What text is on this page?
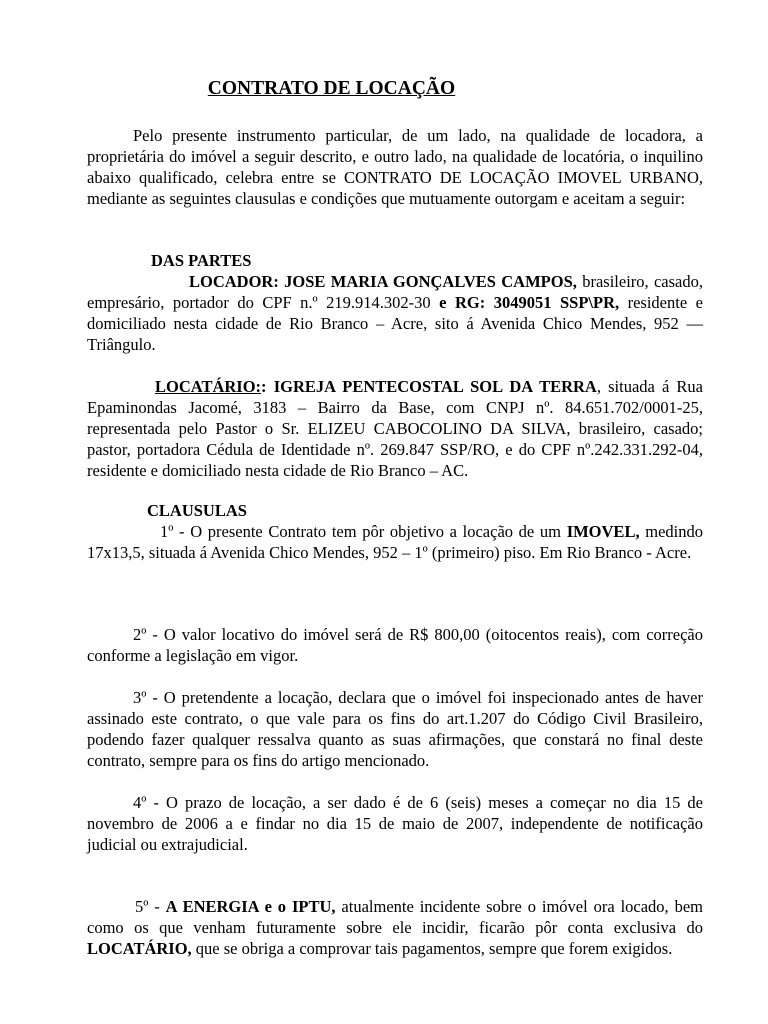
CONTRATO DE LOCAÇÃO

Pelo presente instrumento particular, de um lado, na qualidade de locadora, a proprietária do imóvel a seguir descrito, e outro lado, na qualidade de locatória, o inquilino abaixo qualificado, celebra entre se CONTRATO DE LOCAÇÃO IMOVEL URBANO, mediante as seguintes clausulas e condições que mutuamente outorgam e aceitam a seguir:

DAS PARTES

LOCADOR: JOSE MARIA GONÇALVES CAMPOS, brasileiro, casado, empresário, portador do CPF n.º 219.914.302-30 e RG: 3049051 SSP\PR, residente e domiciliado nesta cidade de Rio Branco – Acre, sito á Avenida Chico Mendes, 952 — Triângulo.

LOCATÁRIO:: IGREJA PENTECOSTAL SOL DA TERRA, situada á Rua Epaminondas Jacomé, 3183 – Bairro da Base, com CNPJ nº. 84.651.702/0001-25, representada pelo Pastor o Sr. ELIZEU CABOCOLINO DA SILVA, brasileiro, casado; pastor, portadora Cédula de Identidade nº. 269.847 SSP/RO, e do CPF nº.242.331.292-04, residente e domiciliado nesta cidade de Rio Branco – AC.

CLAUSULAS

1º - O presente Contrato tem pôr objetivo a locação de um IMOVEL, medindo 17x13,5, situada á Avenida Chico Mendes, 952 – 1º (primeiro) piso. Em Rio Branco - Acre.

2º - O valor locativo do imóvel será de R$ 800,00 (oitocentos reais), com correção conforme a legislação em vigor.

3º - O pretendente a locação, declara que o imóvel foi inspecionado antes de haver assinado este contrato, o que vale para os fins do art.1.207 do Código Civil Brasileiro, podendo fazer qualquer ressalva quanto as suas afirmações, que constará no final deste contrato, sempre para os fins do artigo mencionado.

4º - O prazo de locação, a ser dado é de 6 (seis) meses a começar no dia 15 de novembro de 2006 a e findar no dia 15 de maio de 2007, independente de notificação judicial ou extrajudicial.

5º - A ENERGIA e o IPTU, atualmente incidente sobre o imóvel ora locado, bem como os que venham futuramente sobre ele incidir, ficarão pôr conta exclusiva do LOCATÁRIO, que se obriga a comprovar tais pagamentos, sempre que forem exigidos.
